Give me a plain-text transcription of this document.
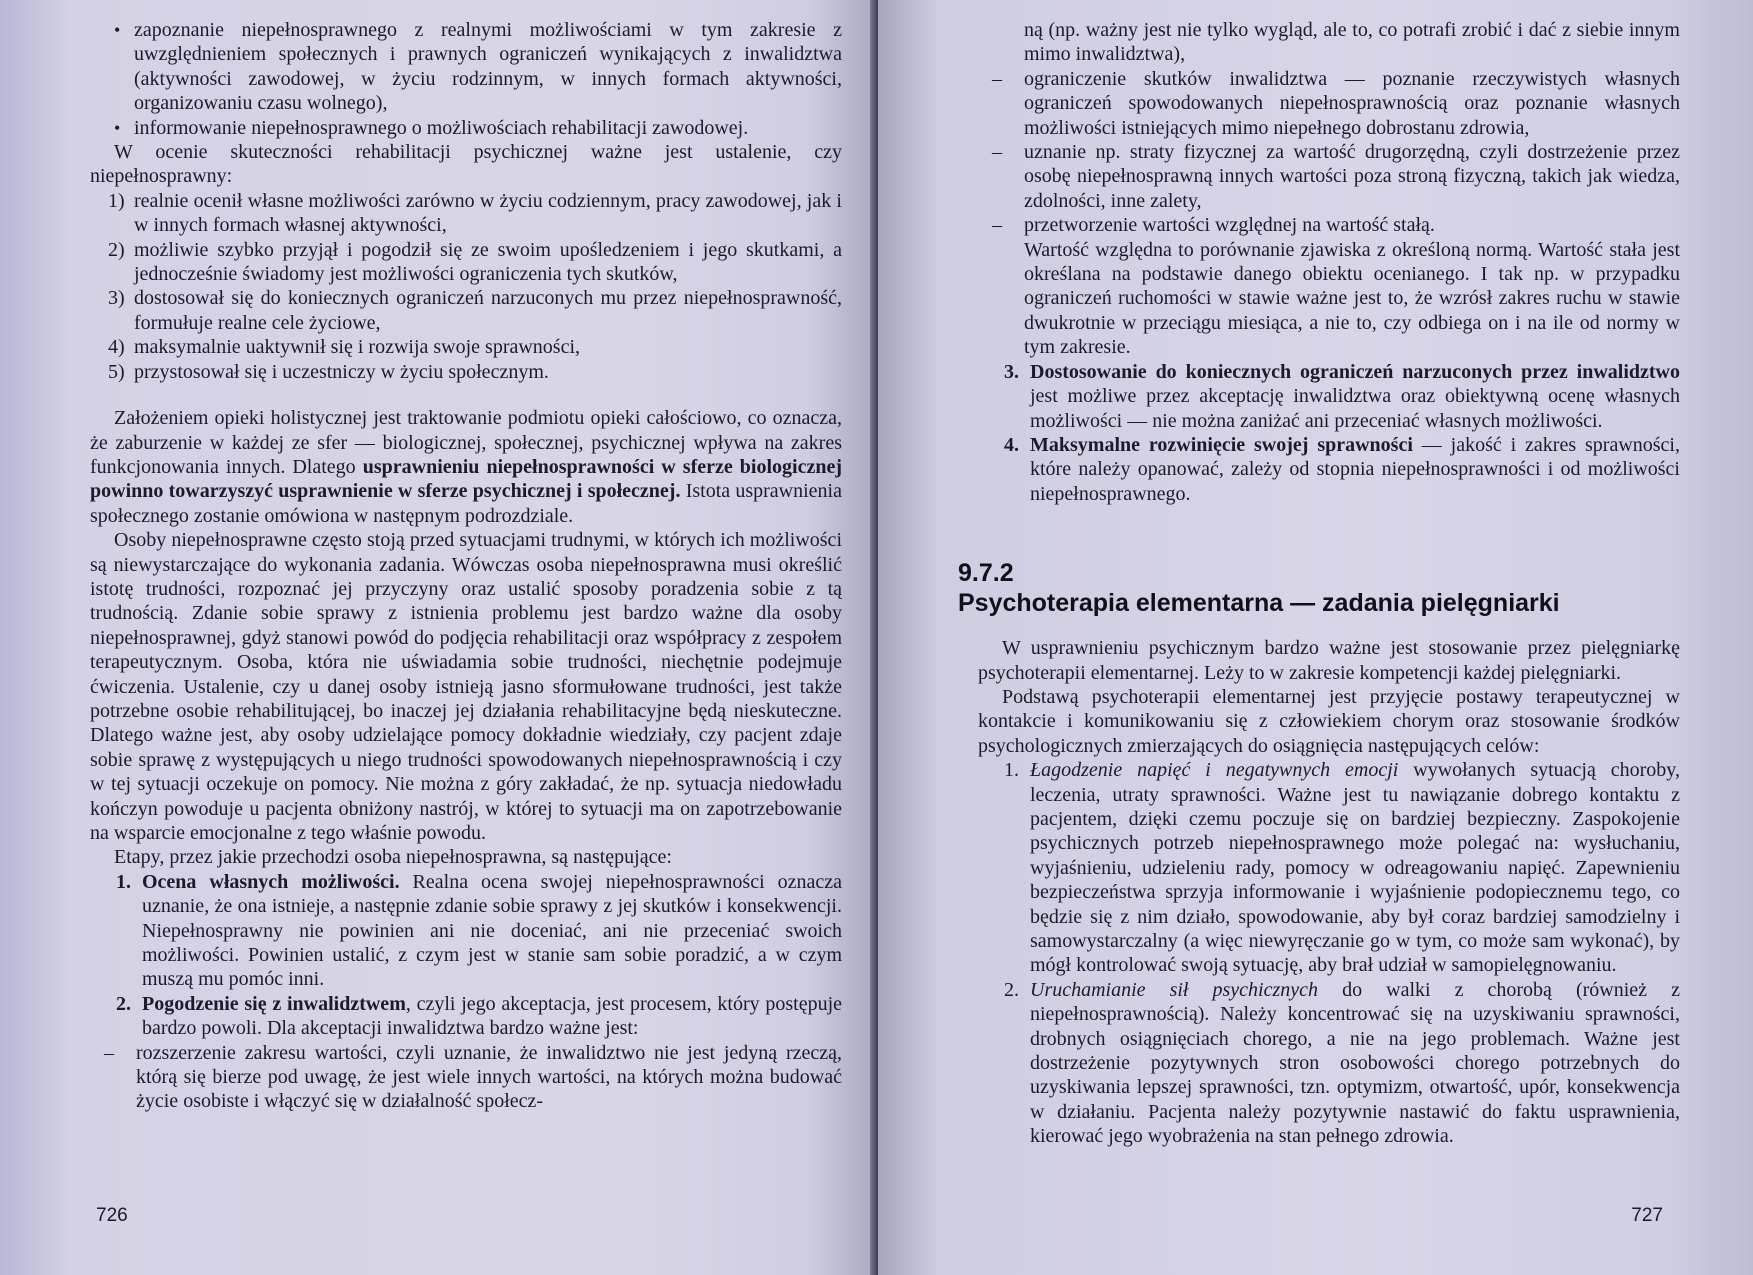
• zapoznanie niepełnosprawnego z realnymi możliwościami w tym zakresie z uwzględnieniem społecznych i prawnych ograniczeń wynikających z inwalidztwa (aktywności zawodowej, w życiu rodzinnym, w innych formach aktywności, organizowaniu czasu wolnego),

• informowanie niepełnosprawnego o możliwościach rehabilitacji zawodowej.

W ocenie skuteczności rehabilitacji psychicznej ważne jest ustalenie, czy niepełnosprawny:

1) realnie ocenił własne możliwości zarówno w życiu codziennym, pracy zawodowej, jak i w innych formach własnej aktywności,

2) możliwie szybko przyjął i pogodził się ze swoim upośledzeniem i jego skutkami, a jednocześnie świadomy jest możliwości ograniczenia tych skutków,

3) dostosował się do koniecznych ograniczeń narzuconych mu przez niepełnosprawność, formułuje realne cele życiowe,

4) maksymalnie uaktywnił się i rozwija swoje sprawności,

5) przystosował się i uczestniczy w życiu społecznym.

Założeniem opieki holistycznej jest traktowanie podmiotu opieki całościowo, co oznacza, że zaburzenie w każdej ze sfer — biologicznej, społecznej, psychicznej wpływa na zakres funkcjonowania innych. Dlatego usprawnieniu niepełnosprawności w sferze biologicznej powinno towarzyszyć usprawnienie w sferze psychicznej i społecznej. Istota usprawnienia społecznego zostanie omówiona w następnym podrozdziale.

Osoby niepełnosprawne często stoją przed sytuacjami trudnymi, w których ich możliwości są niewystarczające do wykonania zadania. Wówczas osoba niepełnosprawna musi określić istotę trudności, rozpoznać jej przyczyny oraz ustalić sposoby poradzenia sobie z tą trudnością. Zdanie sobie sprawy z istnienia problemu jest bardzo ważne dla osoby niepełnosprawnej, gdyż stanowi powód do podjęcia rehabilitacji oraz współpracy z zespołem terapeutycznym. Osoba, która nie uświadamia sobie trudności, niechętnie podejmuje ćwiczenia. Ustalenie, czy u danej osoby istnieją jasno sformułowane trudności, jest także potrzebne osobie rehabilitującej, bo inaczej jej działania rehabilitacyjne będą nieskuteczne. Dlatego ważne jest, aby osoby udzielające pomocy dokładnie wiedziały, czy pacjent zdaje sobie sprawę z występujących u niego trudności spowodowanych niepełnosprawnością i czy w tej sytuacji oczekuje on pomocy. Nie można z góry zakładać, że np. sytuacja niedowładu kończyn powoduje u pacjenta obniżony nastrój, w której to sytuacji ma on zapotrzebowanie na wsparcie emocjonalne z tego właśnie powodu.

Etapy, przez jakie przechodzi osoba niepełnosprawna, są następujące:

1. Ocena własnych możliwości. Realna ocena swojej niepełnosprawności oznacza uznanie, że ona istnieje, a następnie zdanie sobie sprawy z jej skutków i konsekwencji. Niepełnosprawny nie powinien ani nie doceniać, ani nie przeceniać swoich możliwości. Powinien ustalić, z czym jest w stanie sam sobie poradzić, a w czym muszą mu pomóc inni.

2. Pogodzenie się z inwalidztwem, czyli jego akceptacja, jest procesem, który postępuje bardzo powoli. Dla akceptacji inwalidztwa bardzo ważne jest:

– rozszerzenie zakresu wartości, czyli uznanie, że inwalidztwo nie jest jedyną rzeczą, którą się bierze pod uwagę, że jest wiele innych wartości, na których można budować życie osobiste i włączyć się w działalność społecz-

726

ną (np. ważny jest nie tylko wygląd, ale to, co potrafi zrobić i dać z siebie innym mimo inwalidztwa),

– ograniczenie skutków inwalidztwa — poznanie rzeczywistych własnych ograniczeń spowodowanych niepełnosprawnością oraz poznanie własnych możliwości istniejących mimo niepełnego dobrostanu zdrowia,

– uznanie np. straty fizycznej za wartość drugorzędną, czyli dostrzeżenie przez osobę niepełnosprawną innych wartości poza stroną fizyczną, takich jak wiedza, zdolności, inne zalety,

– przetworzenie wartości względnej na wartość stałą.

Wartość względna to porównanie zjawiska z określoną normą. Wartość stała jest określana na podstawie danego obiektu ocenianego. I tak np. w przypadku ograniczeń ruchomości w stawie ważne jest to, że wzrósł zakres ruchu w stawie dwukrotnie w przeciągu miesiąca, a nie to, czy odbiega on i na ile od normy w tym zakresie.

3. Dostosowanie do koniecznych ograniczeń narzuconych przez inwalidztwo jest możliwe przez akceptację inwalidztwa oraz obiektywną ocenę własnych możliwości — nie można zaniżać ani przeceniać własnych możliwości.

4. Maksymalne rozwinięcie swojej sprawności — jakość i zakres sprawności, które należy opanować, zależy od stopnia niepełnosprawności i od możliwości niepełnosprawnego.

9.7.2
Psychoterapia elementarna — zadania pielęgniarki

W usprawnieniu psychicznym bardzo ważne jest stosowanie przez pielęgniarkę psychoterapii elementarnej. Leży to w zakresie kompetencji każdej pielęgniarki.

Podstawą psychoterapii elementarnej jest przyjęcie postawy terapeutycznej w kontakcie i komunikowaniu się z człowiekiem chorym oraz stosowanie środków psychologicznych zmierzających do osiągnięcia następujących celów:

1. Łagodzenie napięć i negatywnych emocji wywołanych sytuacją choroby, leczenia, utraty sprawności. Ważne jest tu nawiązanie dobrego kontaktu z pacjentem, dzięki czemu poczuje się on bardziej bezpieczny. Zaspokojenie psychicznych potrzeb niepełnosprawnego może polegać na: wysłuchaniu, wyjaśnieniu, udzieleniu rady, pomocy w odreagowaniu napięć. Zapewnieniu bezpieczeństwa sprzyja informowanie i wyjaśnienie podopiecznemu tego, co będzie się z nim działo, spowodowanie, aby był coraz bardziej samodzielny i samowystarczalny (a więc niewyręczanie go w tym, co może sam wykonać), by mógł kontrolować swoją sytuację, aby brał udział w samopielęgnowaniu.

2. Uruchamianie sił psychicznych do walki z chorobą (również z niepełnosprawnością). Należy koncentrować się na uzyskiwaniu sprawności, drobnych osiągnięciach chorego, a nie na jego problemach. Ważne jest dostrzeżenie pozytywnych stron osobowości chorego potrzebnych do uzyskiwania lepszej sprawności, tzn. optymizm, otwartość, upór, konsekwencja w działaniu. Pacjenta należy pozytywnie nastawić do faktu usprawnienia, kierować jego wyobrażenia na stan pełnego zdrowia.

727
